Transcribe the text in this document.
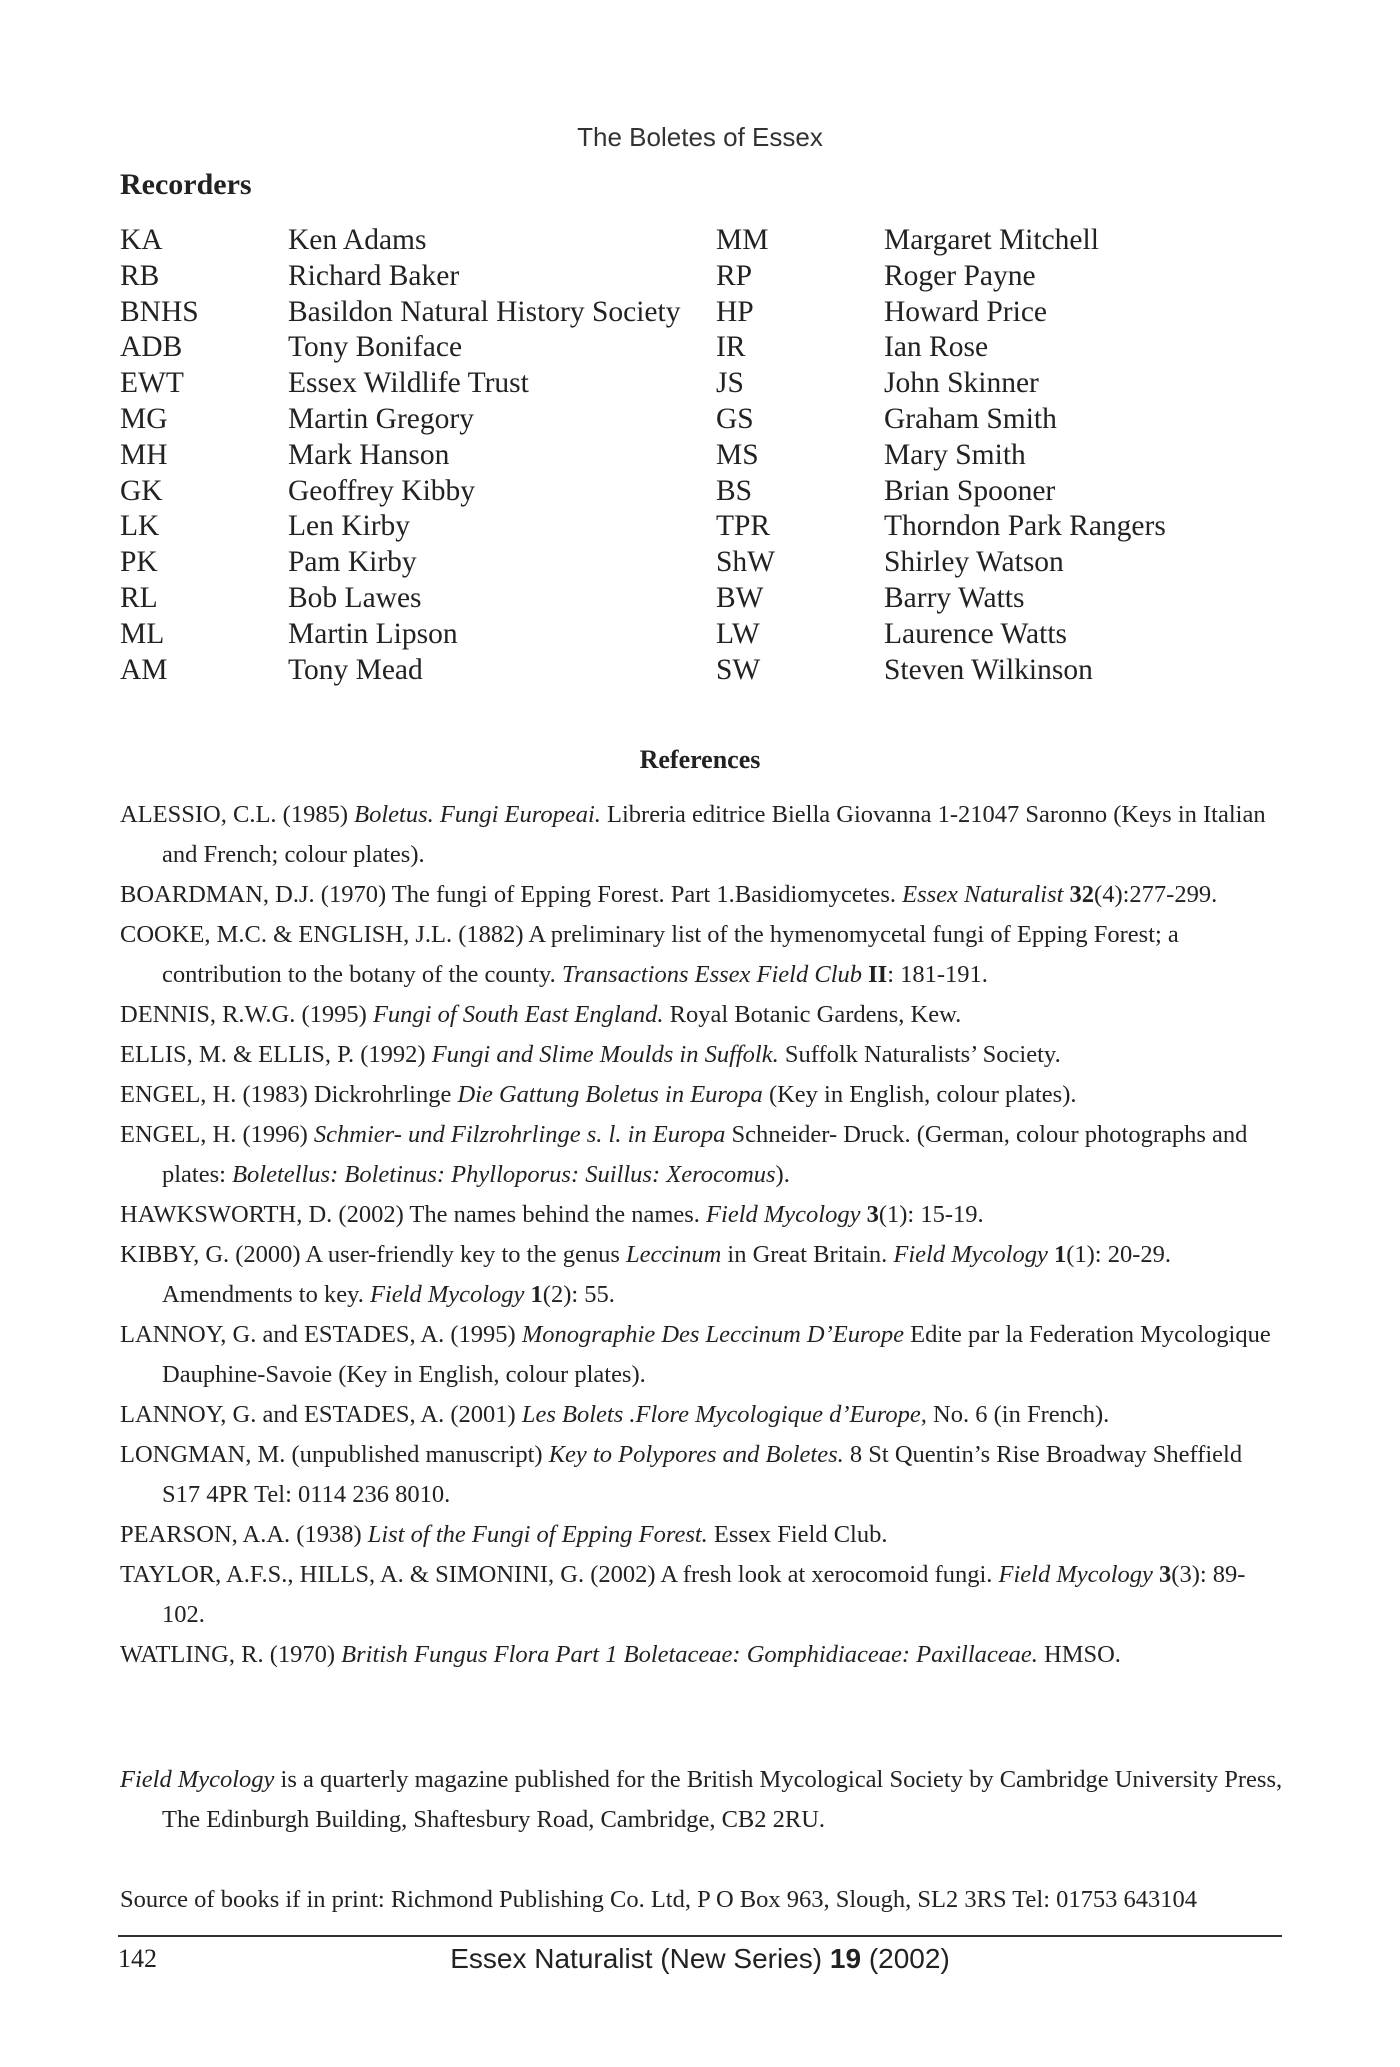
The Boletes of Essex
Recorders
KA	Ken Adams	MM	Margaret Mitchell
RB	Richard Baker	RP	Roger Payne
BNHS	Basildon Natural History Society	HP	Howard Price
ADB	Tony Boniface	IR	Ian Rose
EWT	Essex Wildlife Trust	JS	John Skinner
MG	Martin Gregory	GS	Graham Smith
MH	Mark Hanson	MS	Mary Smith
GK	Geoffrey Kibby	BS	Brian Spooner
LK	Len Kirby	TPR	Thorndon Park Rangers
PK	Pam Kirby	ShW	Shirley Watson
RL	Bob Lawes	BW	Barry Watts
ML	Martin Lipson	LW	Laurence Watts
AM	Tony Mead	SW	Steven Wilkinson
References

ALESSIO, C.L. (1985) Boletus. Fungi Europeai. Libreria editrice Biella Giovanna 1-21047 Saronno (Keys in Italian and French; colour plates).

BOARDMAN, D.J. (1970) The fungi of Epping Forest. Part 1.Basidiomycetes. Essex Naturalist 32(4):277-299.

COOKE, M.C. & ENGLISH, J.L. (1882) A preliminary list of the hymenomycetal fungi of Epping Forest; a contribution to the botany of the county. Transactions Essex Field Club II: 181-191.

DENNIS, R.W.G. (1995) Fungi of South East England. Royal Botanic Gardens, Kew.

ELLIS, M. & ELLIS, P. (1992) Fungi and Slime Moulds in Suffolk. Suffolk Naturalists’ Society.

ENGEL, H. (1983) Dickrohrlinge Die Gattung Boletus in Europa (Key in English, colour plates).

ENGEL, H. (1996) Schmier- und Filzrohrlinge s. l. in Europa Schneider- Druck. (German, colour photographs and plates: Boletellus: Boletinus: Phylloporus: Suillus: Xerocomus).

HAWKSWORTH, D. (2002) The names behind the names. Field Mycology 3(1): 15-19.

KIBBY, G. (2000) A user-friendly key to the genus Leccinum in Great Britain. Field Mycology 1(1): 20-29. Amendments to key. Field Mycology 1(2): 55.

LANNOY, G. and ESTADES, A. (1995) Monographie Des Leccinum D’Europe Edite par la Federation Mycologique Dauphine-Savoie (Key in English, colour plates).

LANNOY, G. and ESTADES, A. (2001) Les Bolets .Flore Mycologique d’Europe, No. 6 (in French).

LONGMAN, M. (unpublished manuscript) Key to Polypores and Boletes. 8 St Quentin’s Rise Broadway Sheffield S17 4PR Tel: 0114 236 8010.

PEARSON, A.A. (1938) List of the Fungi of Epping Forest. Essex Field Club.

TAYLOR, A.F.S., HILLS, A. & SIMONINI, G. (2002) A fresh look at xerocomoid fungi. Field Mycology 3(3): 89-102.

WATLING, R. (1970) British Fungus Flora Part 1 Boletaceae: Gomphidiaceae: Paxillaceae. HMSO.

Field Mycology is a quarterly magazine published for the British Mycological Society by Cambridge University Press, The Edinburgh Building, Shaftesbury Road, Cambridge, CB2 2RU.

Source of books if in print: Richmond Publishing Co. Ltd, P O Box 963, Slough, SL2 3RS Tel: 01753 643104
142	Essex Naturalist (New Series) 19 (2002)
